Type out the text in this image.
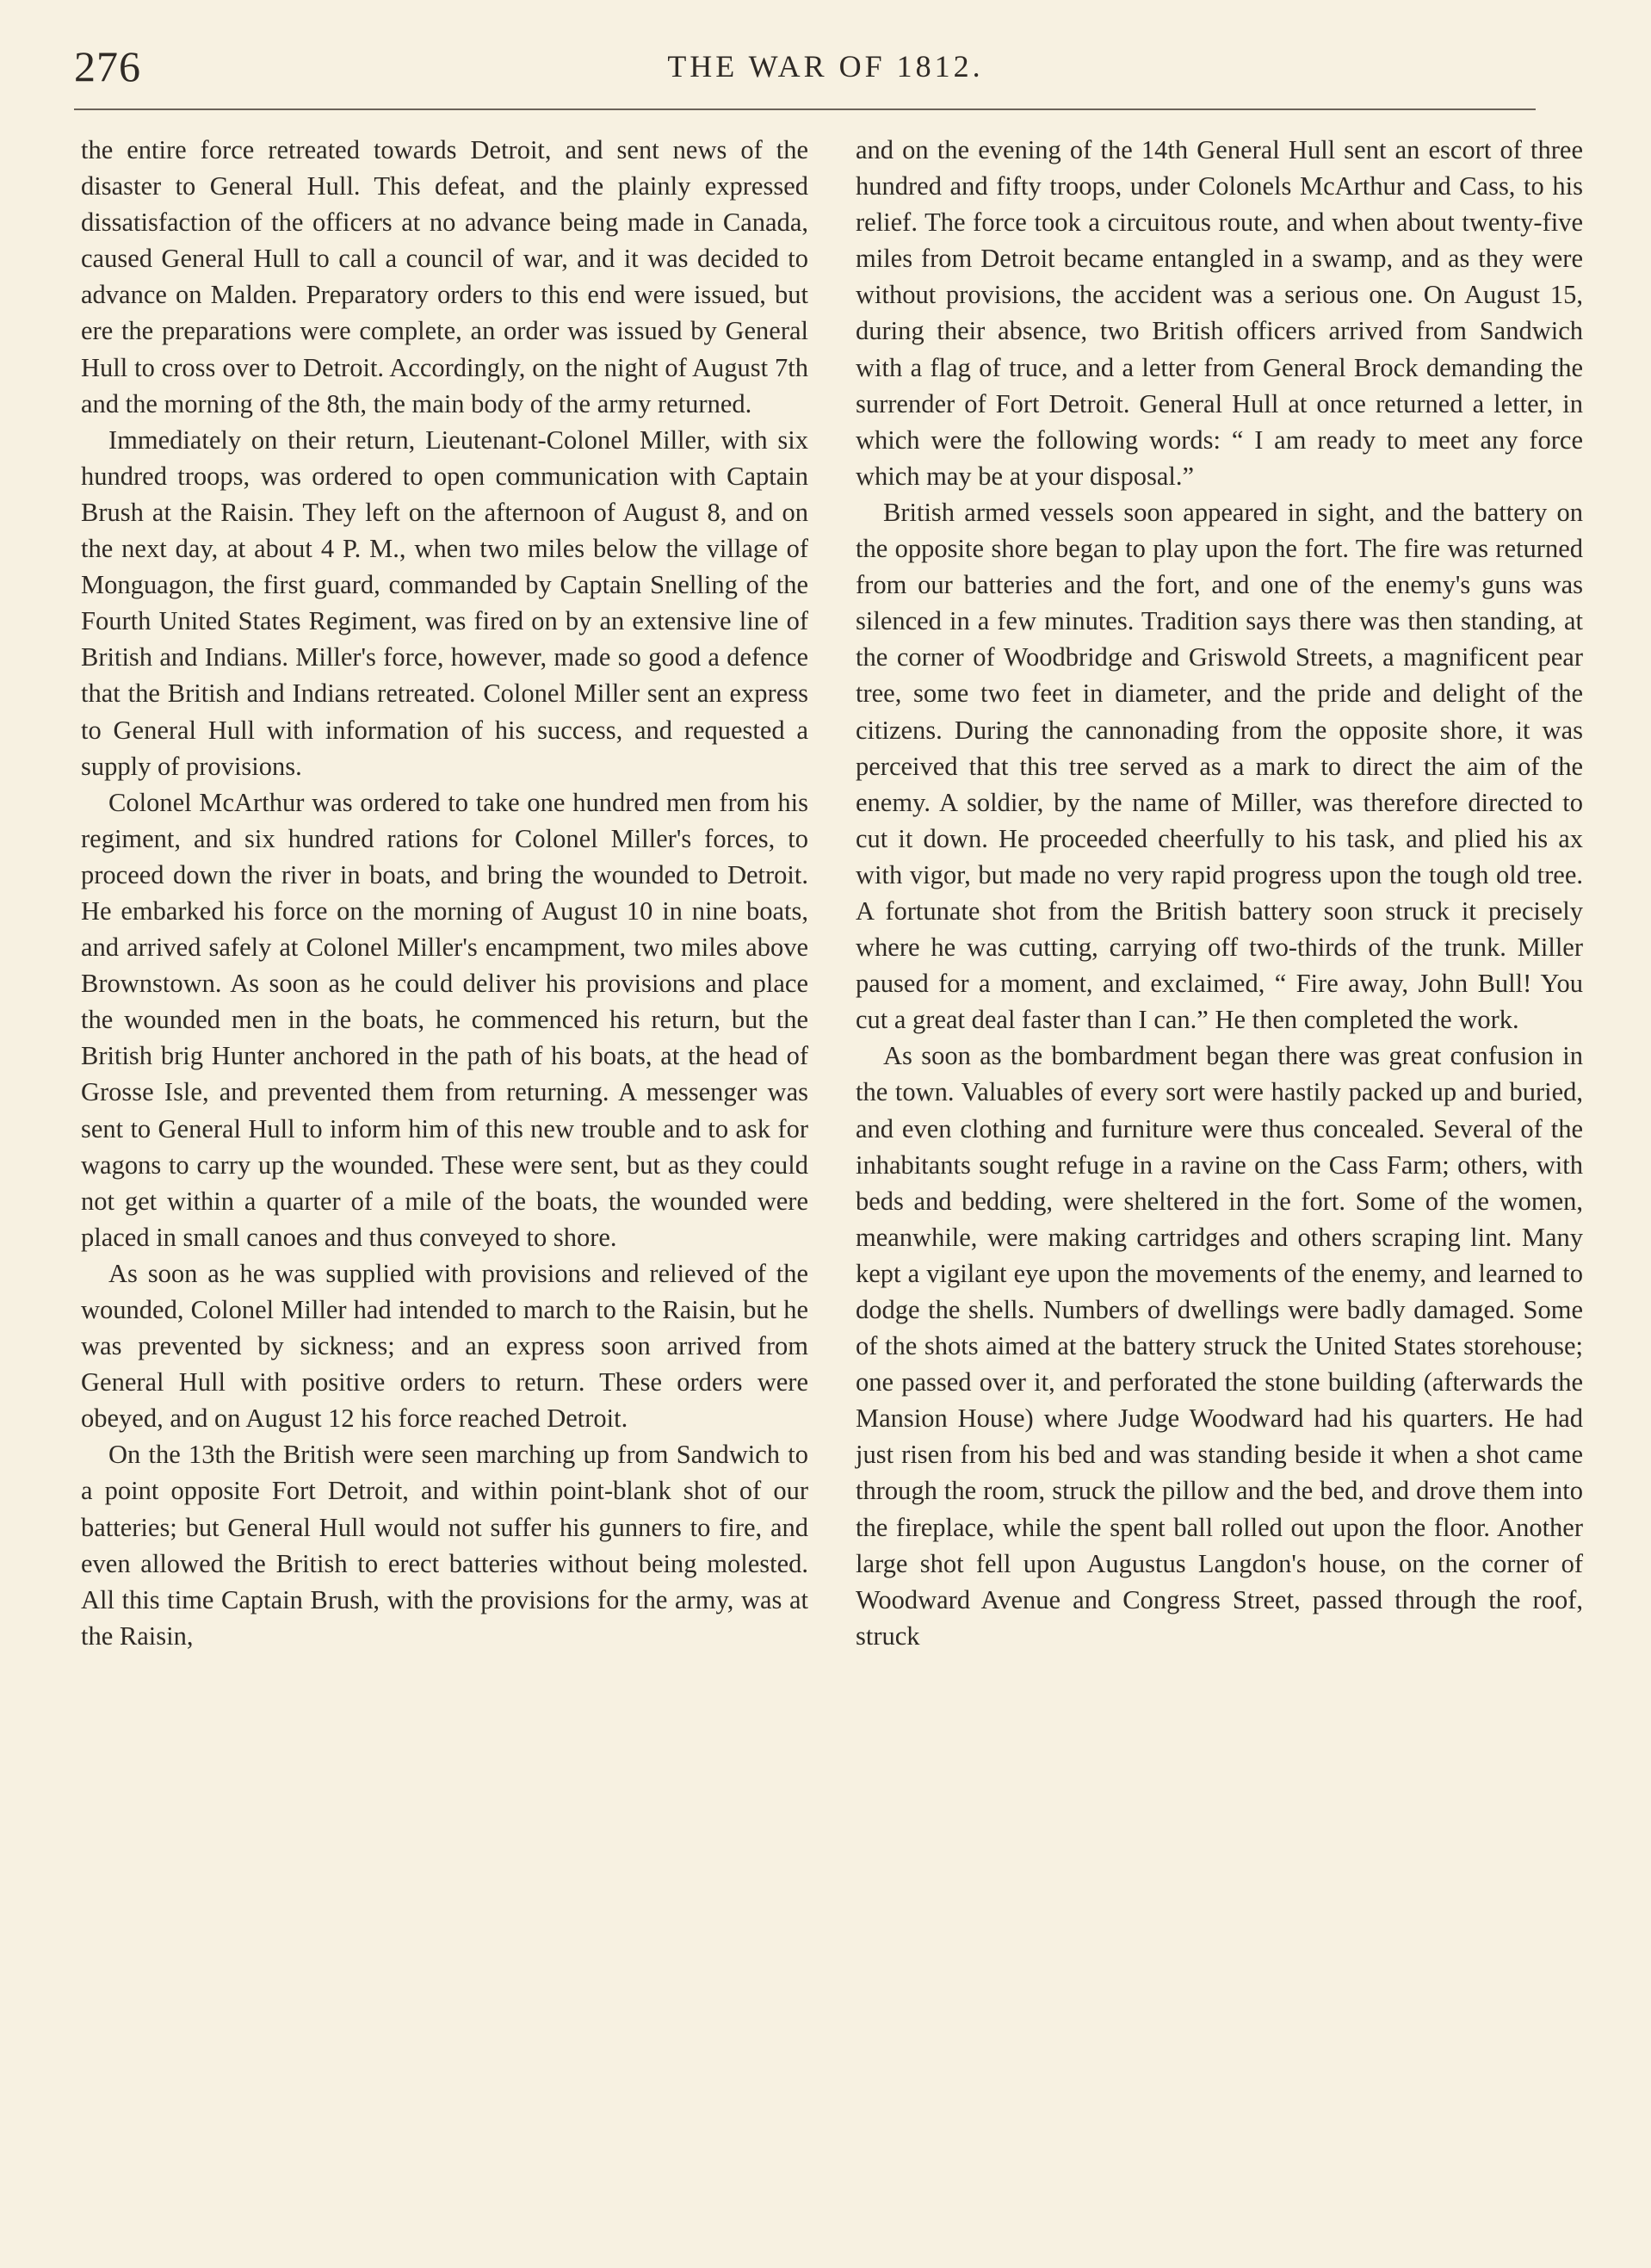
276	THE WAR OF 1812.

the entire force retreated towards Detroit, and sent news of the disaster to General Hull. This defeat, and the plainly expressed dissatisfaction of the officers at no advance being made in Canada, caused General Hull to call a council of war, and it was decided to advance on Malden. Preparatory orders to this end were issued, but ere the preparations were complete, an order was issued by General Hull to cross over to Detroit. Accordingly, on the night of August 7th and the morning of the 8th, the main body of the army returned.

Immediately on their return, Lieutenant-Colonel Miller, with six hundred troops, was ordered to open communication with Captain Brush at the Raisin. They left on the afternoon of August 8, and on the next day, at about 4 P. M., when two miles below the village of Monguagon, the first guard, commanded by Captain Snelling of the Fourth United States Regiment, was fired on by an extensive line of British and Indians. Miller's force, however, made so good a defence that the British and Indians retreated. Colonel Miller sent an express to General Hull with information of his success, and requested a supply of provisions.

Colonel McArthur was ordered to take one hundred men from his regiment, and six hundred rations for Colonel Miller's forces, to proceed down the river in boats, and bring the wounded to Detroit. He embarked his force on the morning of August 10 in nine boats, and arrived safely at Colonel Miller's encampment, two miles above Brownstown. As soon as he could deliver his provisions and place the wounded men in the boats, he commenced his return, but the British brig Hunter anchored in the path of his boats, at the head of Grosse Isle, and prevented them from returning. A messenger was sent to General Hull to inform him of this new trouble and to ask for wagons to carry up the wounded. These were sent, but as they could not get within a quarter of a mile of the boats, the wounded were placed in small canoes and thus conveyed to shore.

As soon as he was supplied with provisions and relieved of the wounded, Colonel Miller had intended to march to the Raisin, but he was prevented by sickness; and an express soon arrived from General Hull with positive orders to return. These orders were obeyed, and on August 12 his force reached Detroit.

On the 13th the British were seen marching up from Sandwich to a point opposite Fort Detroit, and within point-blank shot of our batteries; but General Hull would not suffer his gunners to fire, and even allowed the British to erect batteries without being molested. All this time Captain Brush, with the provisions for the army, was at the Raisin,

and on the evening of the 14th General Hull sent an escort of three hundred and fifty troops, under Colonels McArthur and Cass, to his relief. The force took a circuitous route, and when about twenty-five miles from Detroit became entangled in a swamp, and as they were without provisions, the accident was a serious one. On August 15, during their absence, two British officers arrived from Sandwich with a flag of truce, and a letter from General Brock demanding the surrender of Fort Detroit. General Hull at once returned a letter, in which were the following words: “ I am ready to meet any force which may be at your disposal.”

British armed vessels soon appeared in sight, and the battery on the opposite shore began to play upon the fort. The fire was returned from our batteries and the fort, and one of the enemy's guns was silenced in a few minutes. Tradition says there was then standing, at the corner of Woodbridge and Griswold Streets, a magnificent pear tree, some two feet in diameter, and the pride and delight of the citizens. During the cannonading from the opposite shore, it was perceived that this tree served as a mark to direct the aim of the enemy. A soldier, by the name of Miller, was therefore directed to cut it down. He proceeded cheerfully to his task, and plied his ax with vigor, but made no very rapid progress upon the tough old tree. A fortunate shot from the British battery soon struck it precisely where he was cutting, carrying off two-thirds of the trunk. Miller paused for a moment, and exclaimed, “ Fire away, John Bull! You cut a great deal faster than I can.” He then completed the work.

As soon as the bombardment began there was great confusion in the town. Valuables of every sort were hastily packed up and buried, and even clothing and furniture were thus concealed. Several of the inhabitants sought refuge in a ravine on the Cass Farm; others, with beds and bedding, were sheltered in the fort. Some of the women, meanwhile, were making cartridges and others scraping lint. Many kept a vigilant eye upon the movements of the enemy, and learned to dodge the shells. Numbers of dwellings were badly damaged. Some of the shots aimed at the battery struck the United States storehouse; one passed over it, and perforated the stone building (afterwards the Mansion House) where Judge Woodward had his quarters. He had just risen from his bed and was standing beside it when a shot came through the room, struck the pillow and the bed, and drove them into the fireplace, while the spent ball rolled out upon the floor. Another large shot fell upon Augustus Langdon's house, on the corner of Woodward Avenue and Congress Street, passed through the roof, struck
